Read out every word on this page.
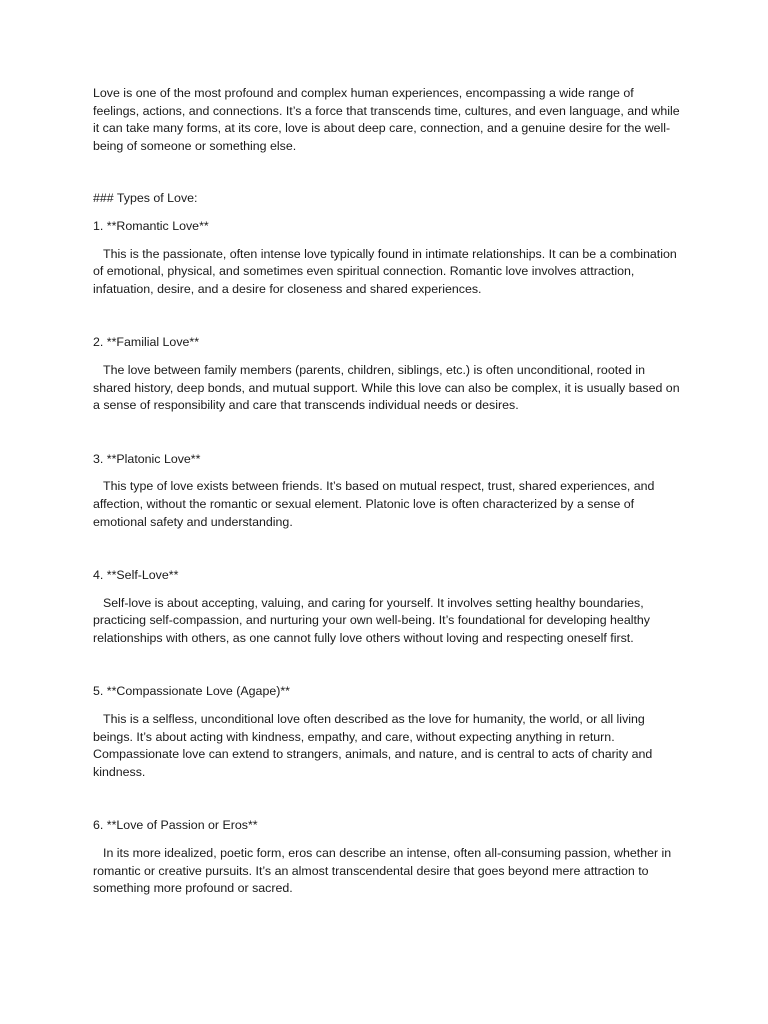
Love is one of the most profound and complex human experiences, encompassing a wide range of feelings, actions, and connections. It’s a force that transcends time, cultures, and even language, and while it can take many forms, at its core, love is about deep care, connection, and a genuine desire for the well-being of someone or something else.

### Types of Love:

1. **Romantic Love**

This is the passionate, often intense love typically found in intimate relationships. It can be a combination of emotional, physical, and sometimes even spiritual connection. Romantic love involves attraction, infatuation, desire, and a desire for closeness and shared experiences.

2. **Familial Love**

The love between family members (parents, children, siblings, etc.) is often unconditional, rooted in shared history, deep bonds, and mutual support. While this love can also be complex, it is usually based on a sense of responsibility and care that transcends individual needs or desires.

3. **Platonic Love**

This type of love exists between friends. It’s based on mutual respect, trust, shared experiences, and affection, without the romantic or sexual element. Platonic love is often characterized by a sense of emotional safety and understanding.

4. **Self-Love**

Self-love is about accepting, valuing, and caring for yourself. It involves setting healthy boundaries, practicing self-compassion, and nurturing your own well-being. It’s foundational for developing healthy relationships with others, as one cannot fully love others without loving and respecting oneself first.

5. **Compassionate Love (Agape)**

This is a selfless, unconditional love often described as the love for humanity, the world, or all living beings. It’s about acting with kindness, empathy, and care, without expecting anything in return. Compassionate love can extend to strangers, animals, and nature, and is central to acts of charity and kindness.

6. **Love of Passion or Eros**

In its more idealized, poetic form, eros can describe an intense, often all-consuming passion, whether in romantic or creative pursuits. It’s an almost transcendental desire that goes beyond mere attraction to something more profound or sacred.
